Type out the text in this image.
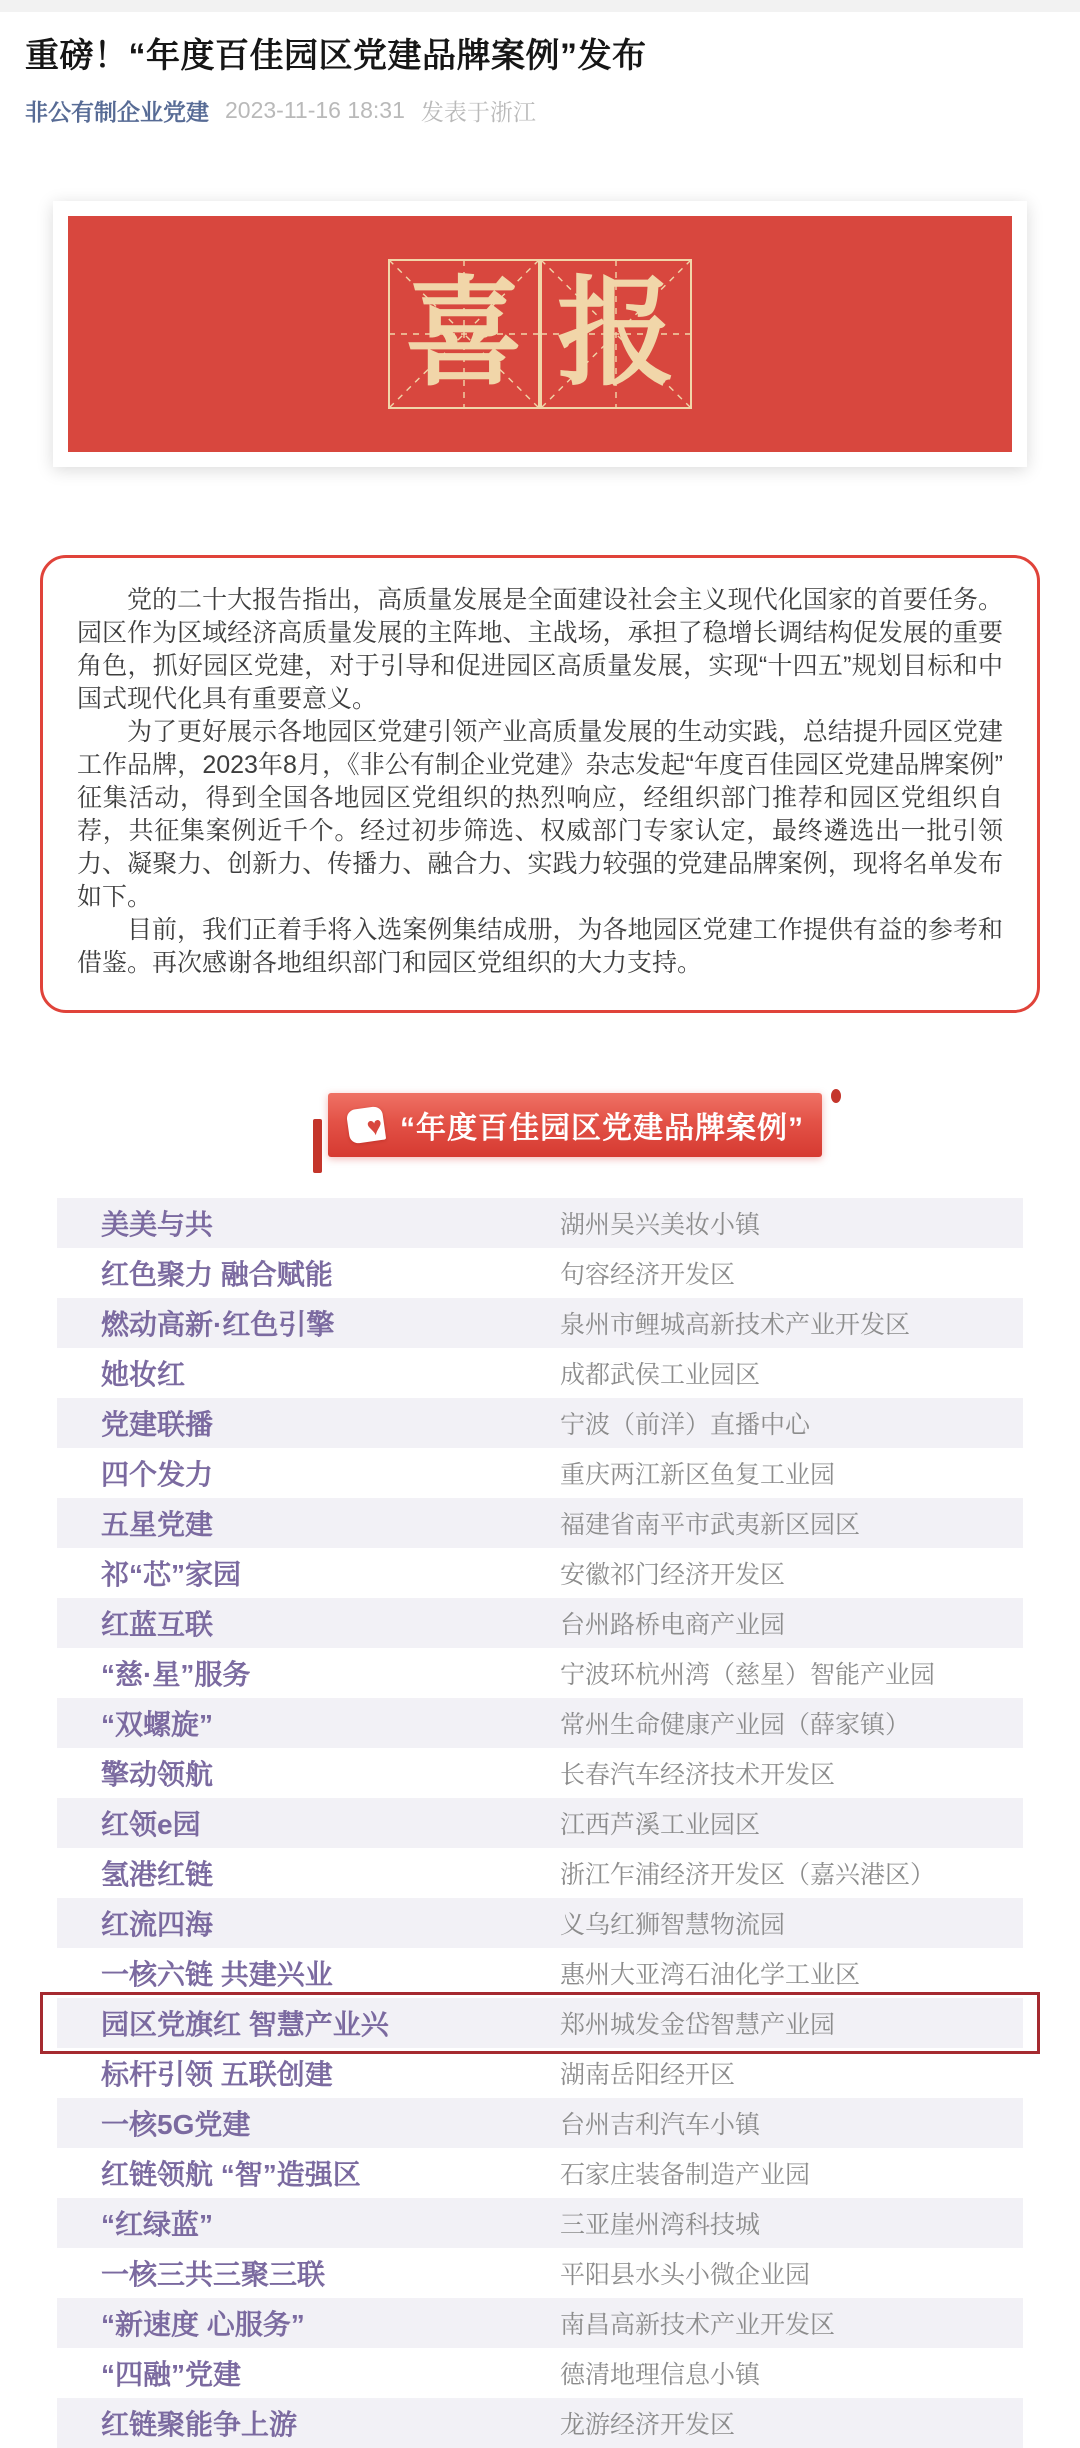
重磅！“年度百佳园区党建品牌案例”发布
非公有制企业党建 2023-11-16 18:31 发表于浙江
喜 报

党的二十大报告指出，高质量发展是全面建设社会主义现代化国家的首要任务。园区作为区域经济高质量发展的主阵地、主战场，承担了稳增长调结构促发展的重要角色，抓好园区党建，对于引导和促进园区高质量发展，实现“十四五”规划目标和中国式现代化具有重要意义。

为了更好展示各地园区党建引领产业高质量发展的生动实践，总结提升园区党建工作品牌，2023年8月，《非公有制企业党建》杂志发起“年度百佳园区党建品牌案例”征集活动，得到全国各地园区党组织的热烈响应，经组织部门推荐和园区党组织自荐，共征集案例近千个。经过初步筛选、权威部门专家认定，最终遴选出一批引领力、凝聚力、创新力、传播力、融合力、实践力较强的党建品牌案例，现将名单发布如下。

目前，我们正着手将入选案例集结成册，为各地园区党建工作提供有益的参考和借鉴。再次感谢各地组织部门和园区党组织的大力支持。

♥ “年度百佳园区党建品牌案例”
美美与共	湖州吴兴美妆小镇
红色聚力 融合赋能	句容经济开发区
燃动高新·红色引擎	泉州市鲤城高新技术产业开发区
她妆红	成都武侯工业园区
党建联播	宁波（前洋）直播中心
四个发力	重庆两江新区鱼复工业园
五星党建	福建省南平市武夷新区园区
祁“芯”家园	安徽祁门经济开发区
红蓝互联	台州路桥电商产业园
“慈·星”服务	宁波环杭州湾（慈星）智能产业园
“双螺旋”	常州生命健康产业园（薛家镇）
擎动领航	长春汽车经济技术开发区
红领e园	江西芦溪工业园区
氢港红链	浙江乍浦经济开发区（嘉兴港区）
红流四海	义乌红狮智慧物流园
一核六链 共建兴业	惠州大亚湾石油化学工业区
园区党旗红 智慧产业兴	郑州城发金岱智慧产业园
标杆引领 五联创建	湖南岳阳经开区
一核5G党建	台州吉利汽车小镇
红链领航 “智”造强区	石家庄装备制造产业园
“红绿蓝”	三亚崖州湾科技城
一核三共三聚三联	平阳县水头小微企业园
“新速度 心服务”	南昌高新技术产业开发区
“四融”党建	德清地理信息小镇
红链聚能争上游	龙游经济开发区
